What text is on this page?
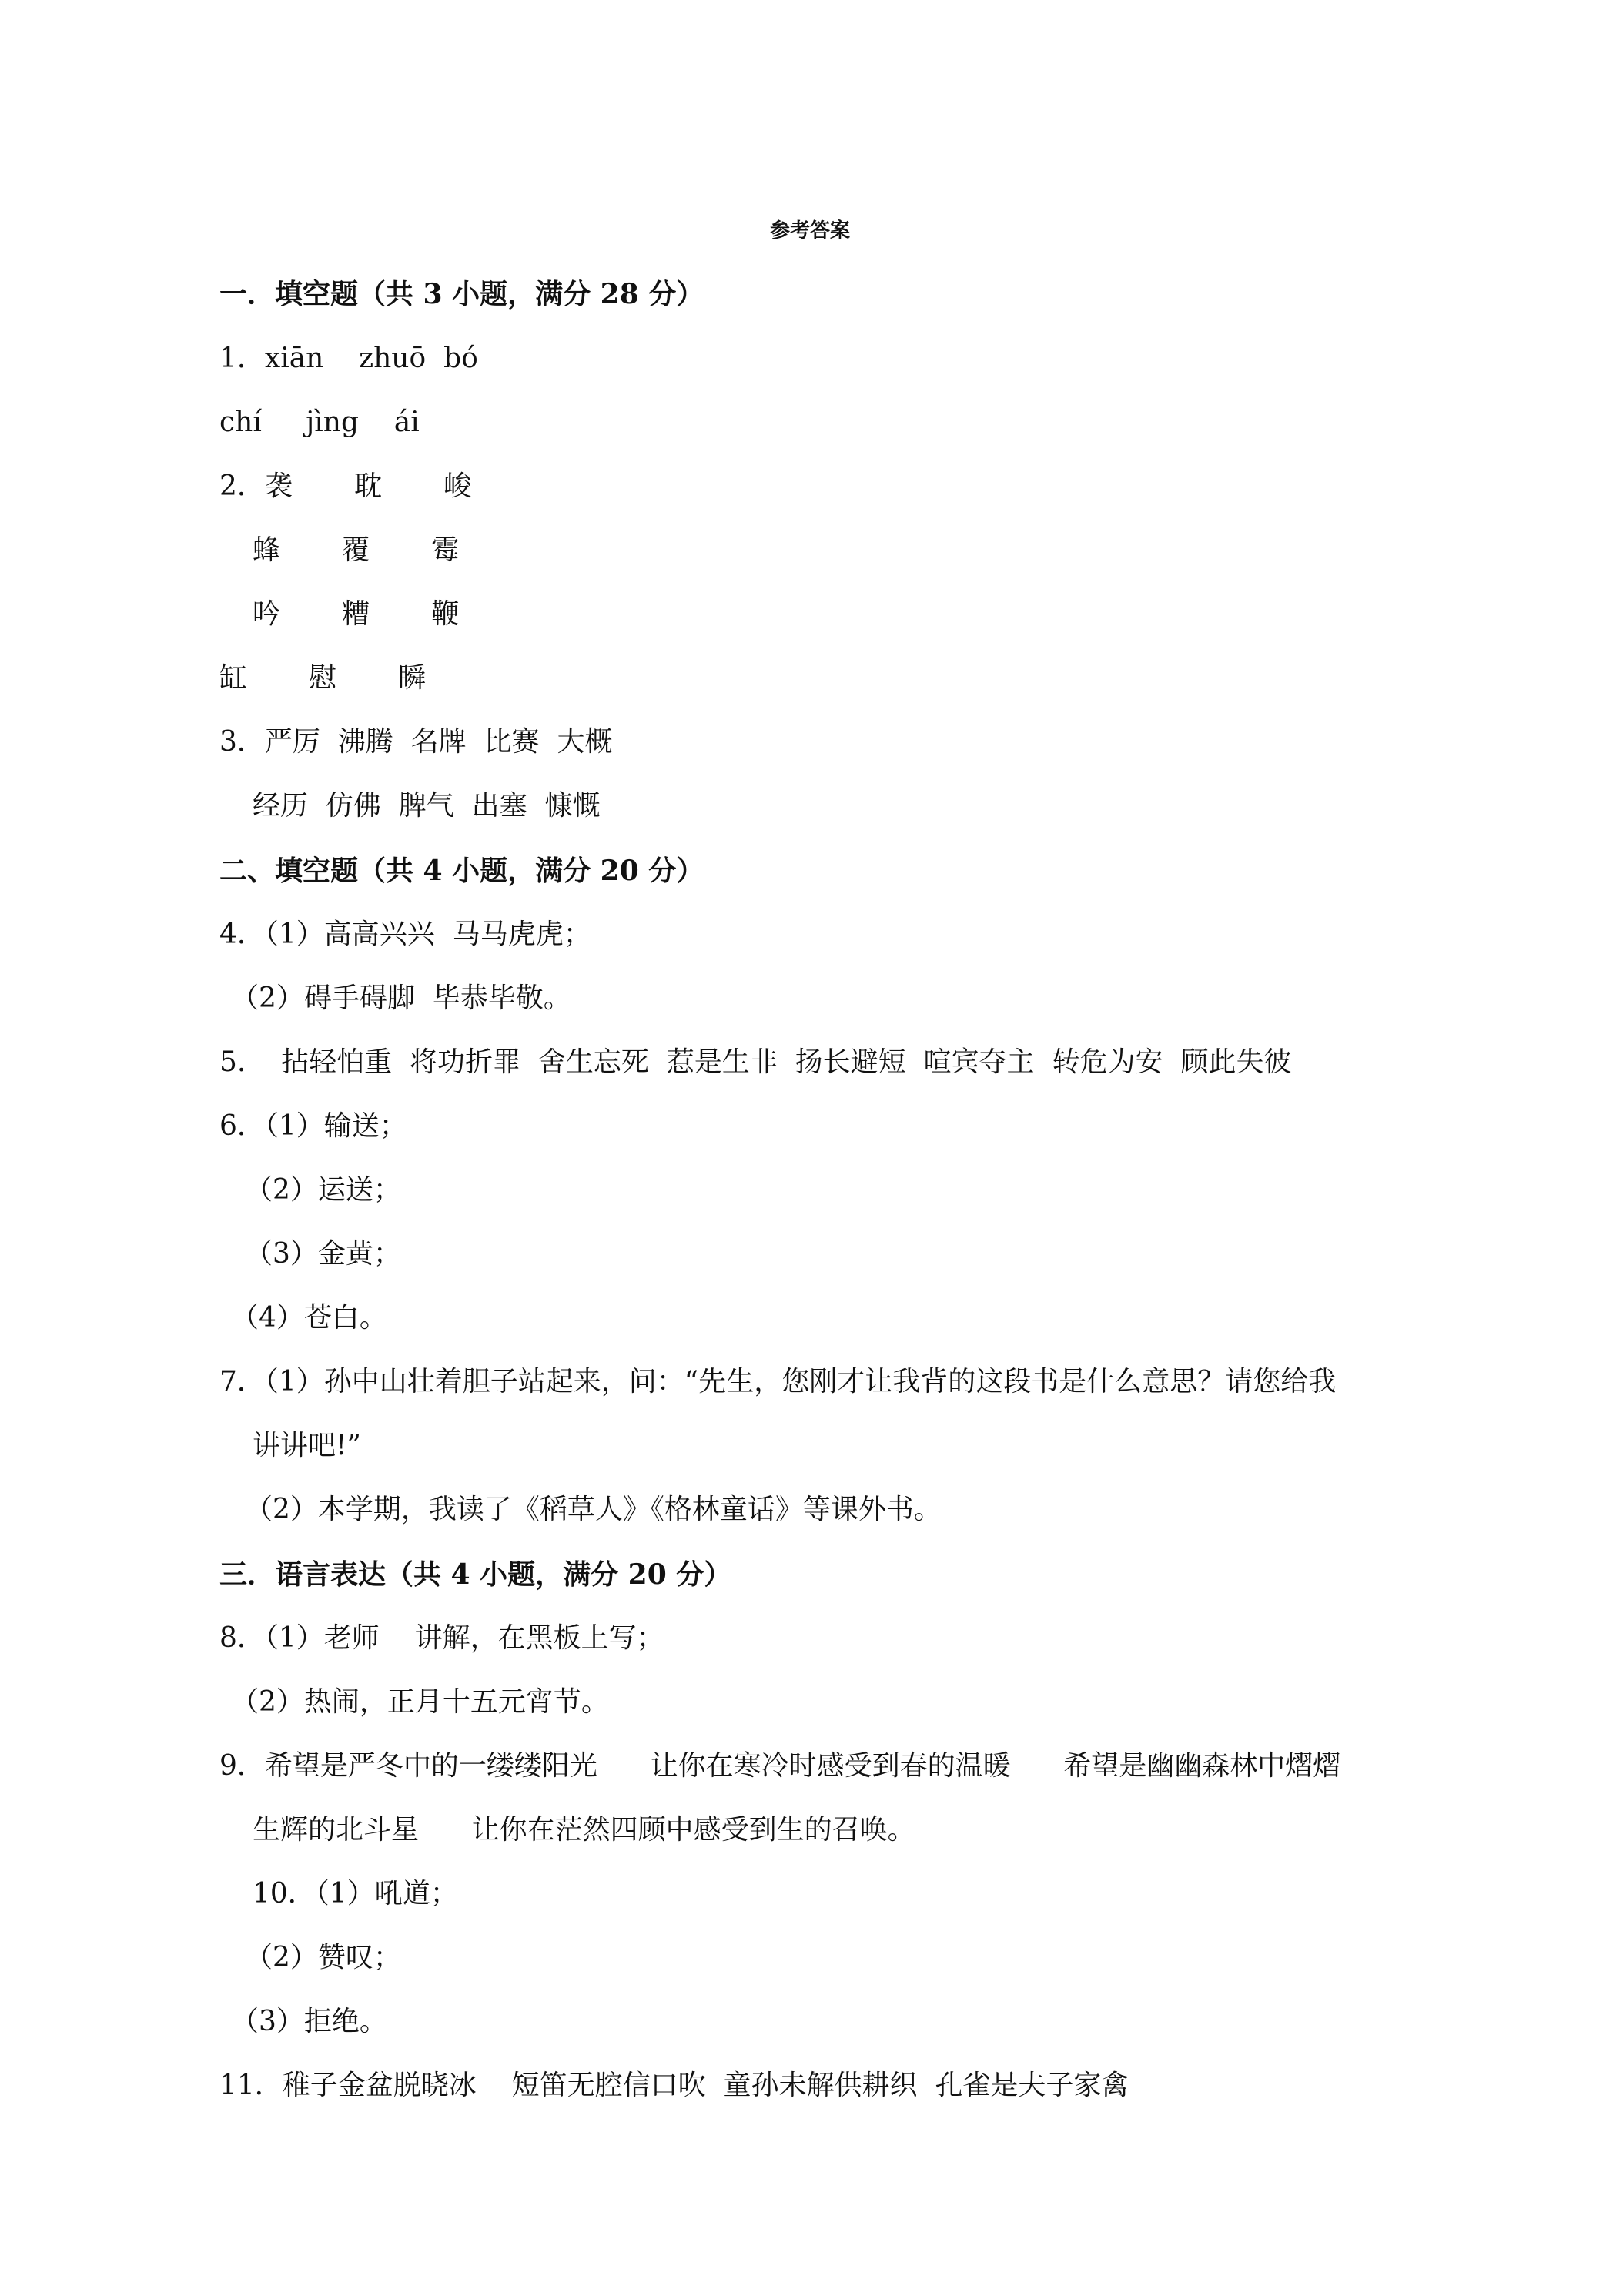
参考答案
一．填空题（共 3 小题，满分 28 分）
1．xiān    zhuō  bó
chí     jìng    ái
2．袭       耽       峻
蜂       覆       霉
吟       糟       鞭
缸       慰       瞬
3．严厉  沸腾  名牌  比赛  大概
经历  仿佛  脾气  出塞  慷慨
二、填空题（共 4 小题，满分 20 分）
4．（1）高高兴兴  马马虎虎；
（2）碍手碍脚  毕恭毕敬。
5.    拈轻怕重  将功折罪  舍生忘死  惹是生非  扬长避短  喧宾夺主  转危为安  顾此失彼
6．（1）输送；
（2）运送；
（3）金黄；
（4）苍白。
7．（1）孙中山壮着胆子站起来，问：“先生，您刚才让我背的这段书是什么意思？请您给我
讲讲吧!”
（2）本学期，我读了《稻草人》《格林童话》等课外书。
三．语言表达（共 4 小题，满分 20 分）
8．（1）老师    讲解，在黑板上写；
（2）热闹，正月十五元宵节。
9．希望是严冬中的一缕缕阳光      让你在寒冷时感受到春的温暖      希望是幽幽森林中熠熠
生辉的北斗星      让你在茫然四顾中感受到生的召唤。
10．（1）吼道；
（2）赞叹；
（3）拒绝。
11．稚子金盆脱晓冰    短笛无腔信口吹  童孙未解供耕织  孔雀是夫子家禽
